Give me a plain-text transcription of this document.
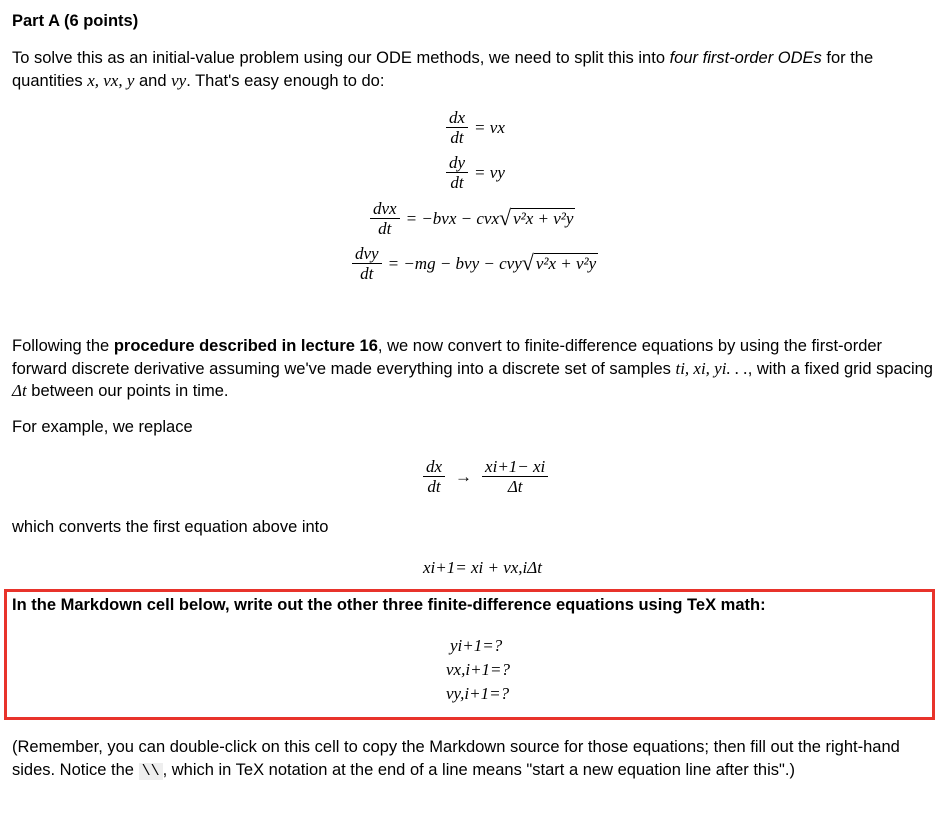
Part A (6 points)
To solve this as an initial-value problem using our ODE methods, we need to split this into four first-order ODEs for the quantities x, vx, y and vy. That's easy enough to do:
$\frac{dx}{dt}$ = vx
$\frac{dy}{dt}$ = vy
$\frac{\text{dvx}}{dt} = -bvx$ − cvx √ v²x + v²y
$\frac{\text{dvy}}{dt} = -mg$ − bvy − cvy √ v²x + v²y
Following the procedure described in lecture 16, we now convert to finite-difference equations by using the first-order forward discrete derivative assuming we've made everything into a discrete set of samples ti, xi, yi. . ., with a fixed grid spacing Δt between our points in time.
For example, we replace
$\frac{dx}{dt} \to \frac{xi+1- xi}{\Delta t}$
which converts the first equation above into
xi+1= xi + vx,iΔt
In the Markdown cell below, write out the other three finite-difference equations using TeX math:
yi+1=?
vx,i+1=?
vy,i+1=?
(Remember, you can double-click on this cell to copy the Markdown source for those equations; then fill out the right-hand sides. Notice the \\ , which in TeX notation at the end of a line means "start a new equation line after this".)
